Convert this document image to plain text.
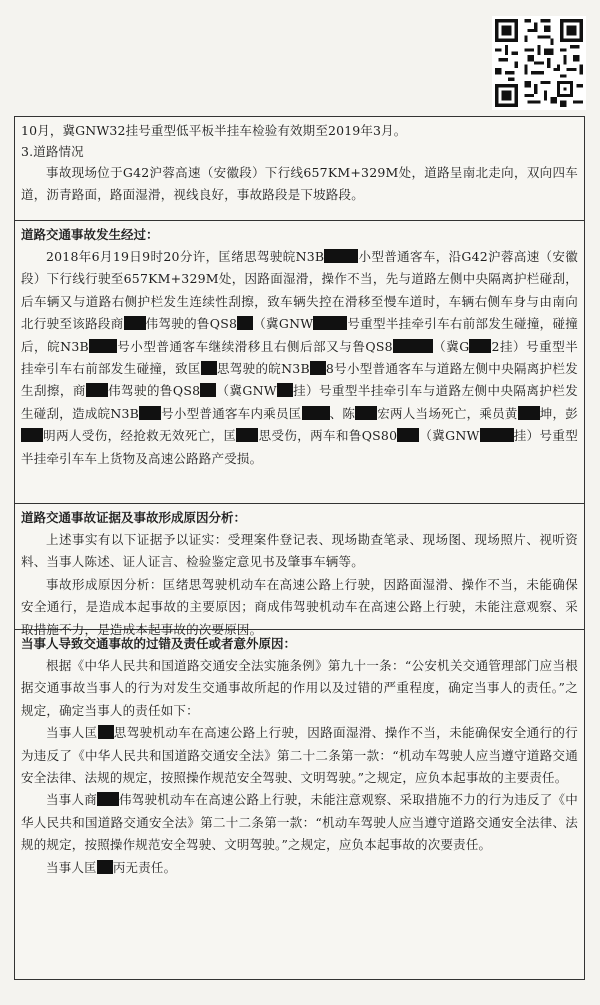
10月，冀GNW32挂号重型低平板半挂车检验有效期至2019年3月。
3.道路情况
事故现场位于G42沪蓉高速（安徽段）下行线657KM+329M处，道路呈南北走向，双向四车道，沥青路面，路面湿滑，视线良好，事故路段是下坡路段。
道路交通事故发生经过：
2018年6月19日9时20分许，匡绪思驾驶皖N3B	小型普通客车，沿G42沪蓉高速（安徽段）下行线行驶至657KM+329M处，因路面湿滑，操作不当，先与道路左侧中央隔离护栏碰刮，后车辆又与道路右侧护栏发生连续性刮擦，致车辆失控在滑移至慢车道时，车辆右侧车身与由南向北行驶至该路段商 伟驾驶的鲁QS8 （冀GNW	号重型半挂牵引车右前部发生碰撞，碰撞后，皖N3B 号小型普通客车继续滑移且右侧后部又与鲁QS8	（冀G 2挂）号重型半挂牵引车右前部发生碰撞，致匡 思驾驶的皖N3B 8号小型普通客车与道路左侧中央隔离护栏发生刮擦，商 伟驾驶的鲁QS8 （冀GNW 挂）号重型半挂牵引车与道路左侧中央隔离护栏发生碰刮，造成皖N3B 号小型普通客车内乘员匡 、陈 宏两人当场死亡，乘员黄 坤，彭明两人受伤，经抢救无效死亡，匡 思受伤，两车和鲁QS80 （冀GNW	挂）号重型半挂牵引车车上货物及高速公路路产受损。
道路交通事故证据及事故形成原因分析：
上述事实有以下证据予以证实：受理案件登记表、现场勘查笔录、现场图、现场照片、视听资料、当事人陈述、证人证言、检验鉴定意见书及肇事车辆等。
事故形成原因分析：匡绪思驾驶机动车在高速公路上行驶，因路面湿滑、操作不当，未能确保安全通行，是造成本起事故的主要原因；商成伟驾驶机动车在高速公路上行驶，未能注意观察、采取措施不力，是造成本起事故的次要原因。
当事人导致交通事故的过错及责任或者意外原因：
根据《中华人民共和国道路交通安全法实施条例》第九十一条：“公安机关交通管理部门应当根据交通事故当事人的行为对发生交通事故所起的作用以及过错的严重程度，确定当事人的责任。”之规定，确定当事人的责任如下：
当事人匡 思驾驶机动车在高速公路上行驶，因路面湿滑、操作不当，未能确保安全通行的行为违反了《中华人民共和国道路交通安全法》第二十二条第一款：“机动车驾驶人应当遵守道路交通安全法律、法规的规定，按照操作规范安全驾驶、文明驾驶。”之规定，应负本起事故的主要责任。
当事人商 伟驾驶机动车在高速公路上行驶，未能注意观察、采取措施不力的行为违反了《中华人民共和国道路交通安全法》第二十二条第一款：“机动车驾驶人应当遵守道路交通安全法律、法规的规定，按照操作规范安全驾驶、文明驾驶。”之规定，应负本起事故的次要责任。
当事人匡 丙无责任。
